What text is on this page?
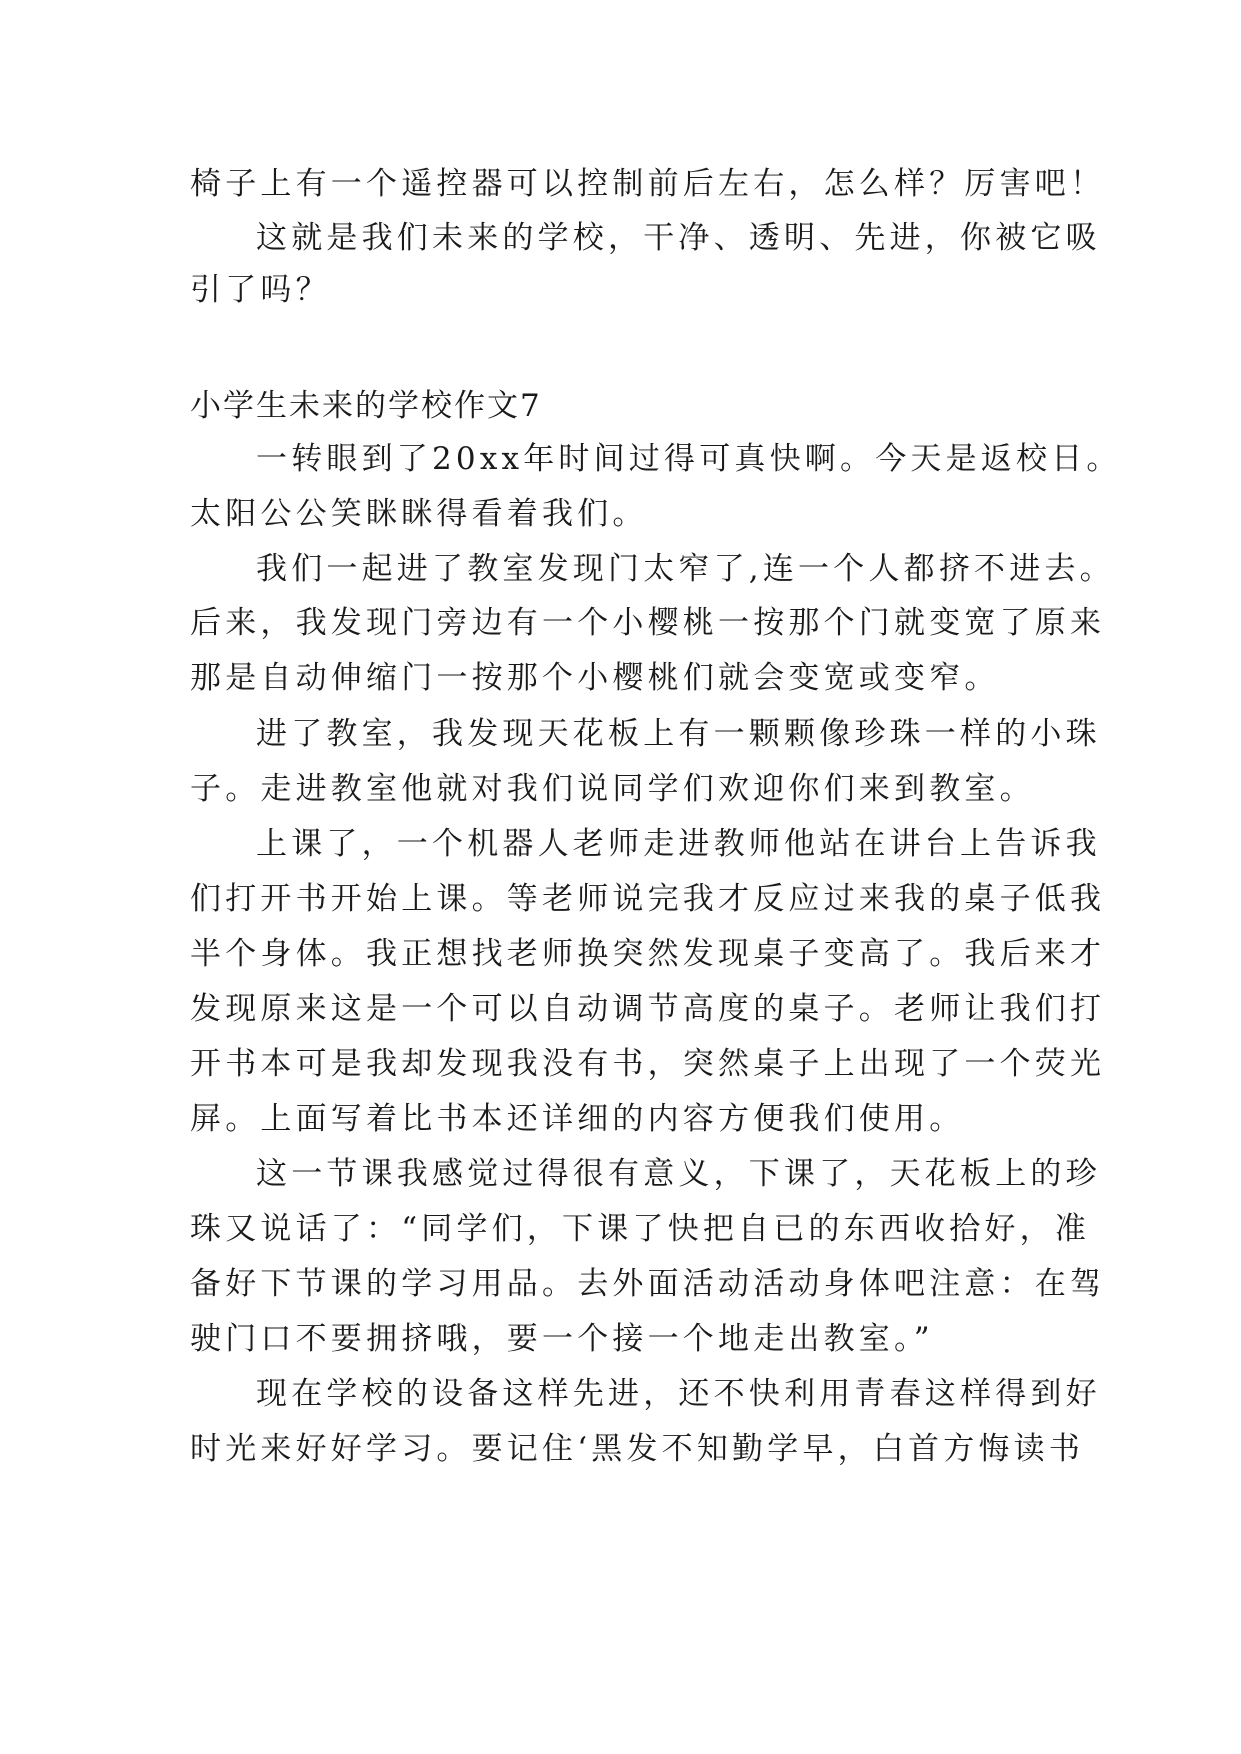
椅子上有一个遥控器可以控制前后左右，怎么样？厉害吧！
这就是我们未来的学校，干净、透明、先进，你被它吸
引了吗？
小学生未来的学校作文7
一转眼到了20xx年时间过得可真快啊。今天是返校日。
太阳公公笑眯眯得看着我们。
我们一起进了教室发现门太窄了,连一个人都挤不进去。
后来，我发现门旁边有一个小樱桃一按那个门就变宽了原来
那是自动伸缩门一按那个小樱桃们就会变宽或变窄。
进了教室，我发现天花板上有一颗颗像珍珠一样的小珠
子。走进教室他就对我们说同学们欢迎你们来到教室。
上课了，一个机器人老师走进教师他站在讲台上告诉我
们打开书开始上课。等老师说完我才反应过来我的桌子低我
半个身体。我正想找老师换突然发现桌子变高了。我后来才
发现原来这是一个可以自动调节高度的桌子。老师让我们打
开书本可是我却发现我没有书，突然桌子上出现了一个荧光
屏。上面写着比书本还详细的内容方便我们使用。
这一节课我感觉过得很有意义，下课了，天花板上的珍
珠又说话了：“同学们，下课了快把自已的东西收拾好，准
备好下节课的学习用品。去外面活动活动身体吧注意：在驾
驶门口不要拥挤哦，要一个接一个地走出教室。”
现在学校的设备这样先进，还不快利用青春这样得到好
时光来好好学习。要记住‘黑发不知勤学早，白首方悔读书
